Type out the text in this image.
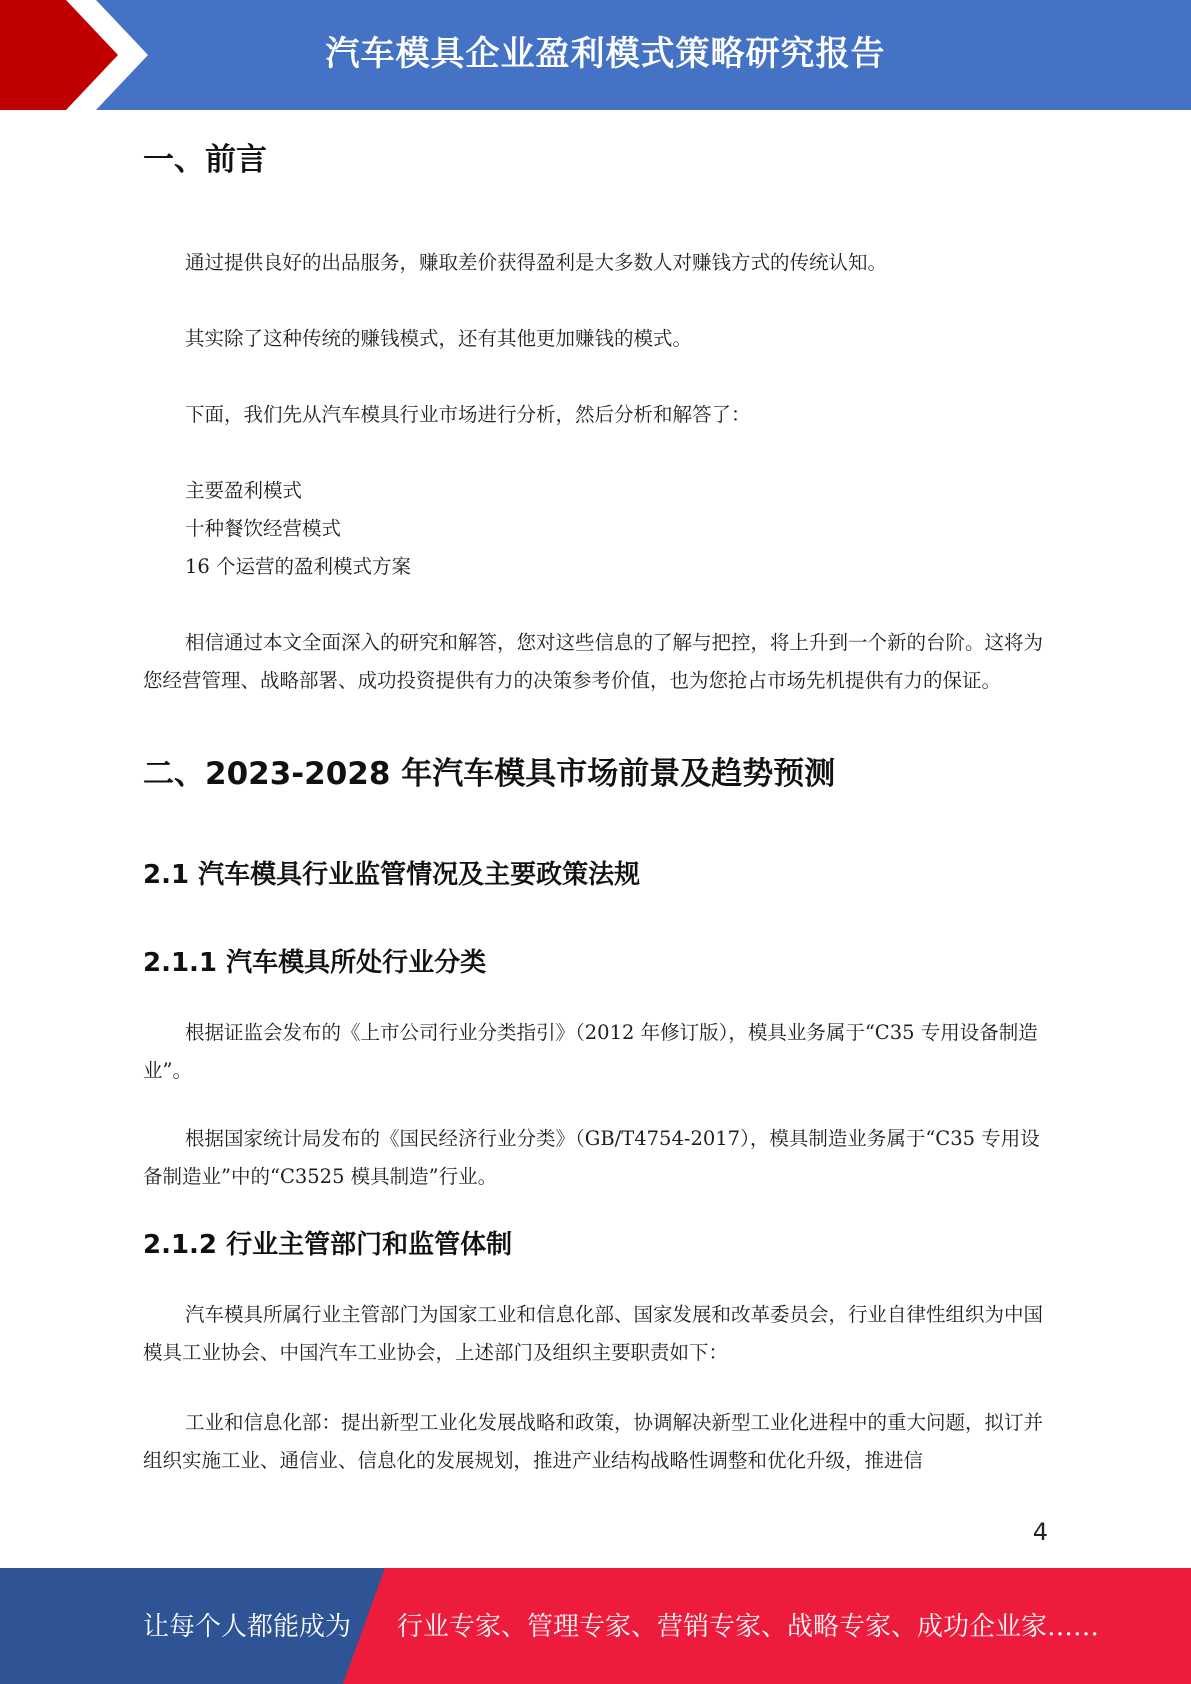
汽车模具企业盈利模式策略研究报告
一、前言

通过提供良好的出品服务，赚取差价获得盈利是大多数人对赚钱方式的传统认知。

其实除了这种传统的赚钱模式，还有其他更加赚钱的模式。

下面，我们先从汽车模具行业市场进行分析，然后分析和解答了：

主要盈利模式
十种餐饮经营模式
16 个运营的盈利模式方案

相信通过本文全面深入的研究和解答，您对这些信息的了解与把控，将上升到一个新的台阶。这将为您经营管理、战略部署、成功投资提供有力的决策参考价值，也为您抢占市场先机提供有力的保证。

二、2023-2028 年汽车模具市场前景及趋势预测
2.1 汽车模具行业监管情况及主要政策法规
2.1.1 汽车模具所处行业分类

根据证监会发布的《上市公司行业分类指引》（2012 年修订版），模具业务属于“C35 专用设备制造业”。

根据国家统计局发布的《国民经济行业分类》（GB/T4754-2017），模具制造业务属于“C35 专用设备制造业”中的“C3525 模具制造”行业。

2.1.2 行业主管部门和监管体制

汽车模具所属行业主管部门为国家工业和信息化部、国家发展和改革委员会，行业自律性组织为中国模具工业协会、中国汽车工业协会，上述部门及组织主要职责如下：

工业和信息化部：提出新型工业化发展战略和政策，协调解决新型工业化进程中的重大问题，拟订并组织实施工业、通信业、信息化的发展规划，推进产业结构战略性调整和优化升级，推进信

4
让每个人都能成为 行业专家、管理专家、营销专家、战略专家、成功企业家……
